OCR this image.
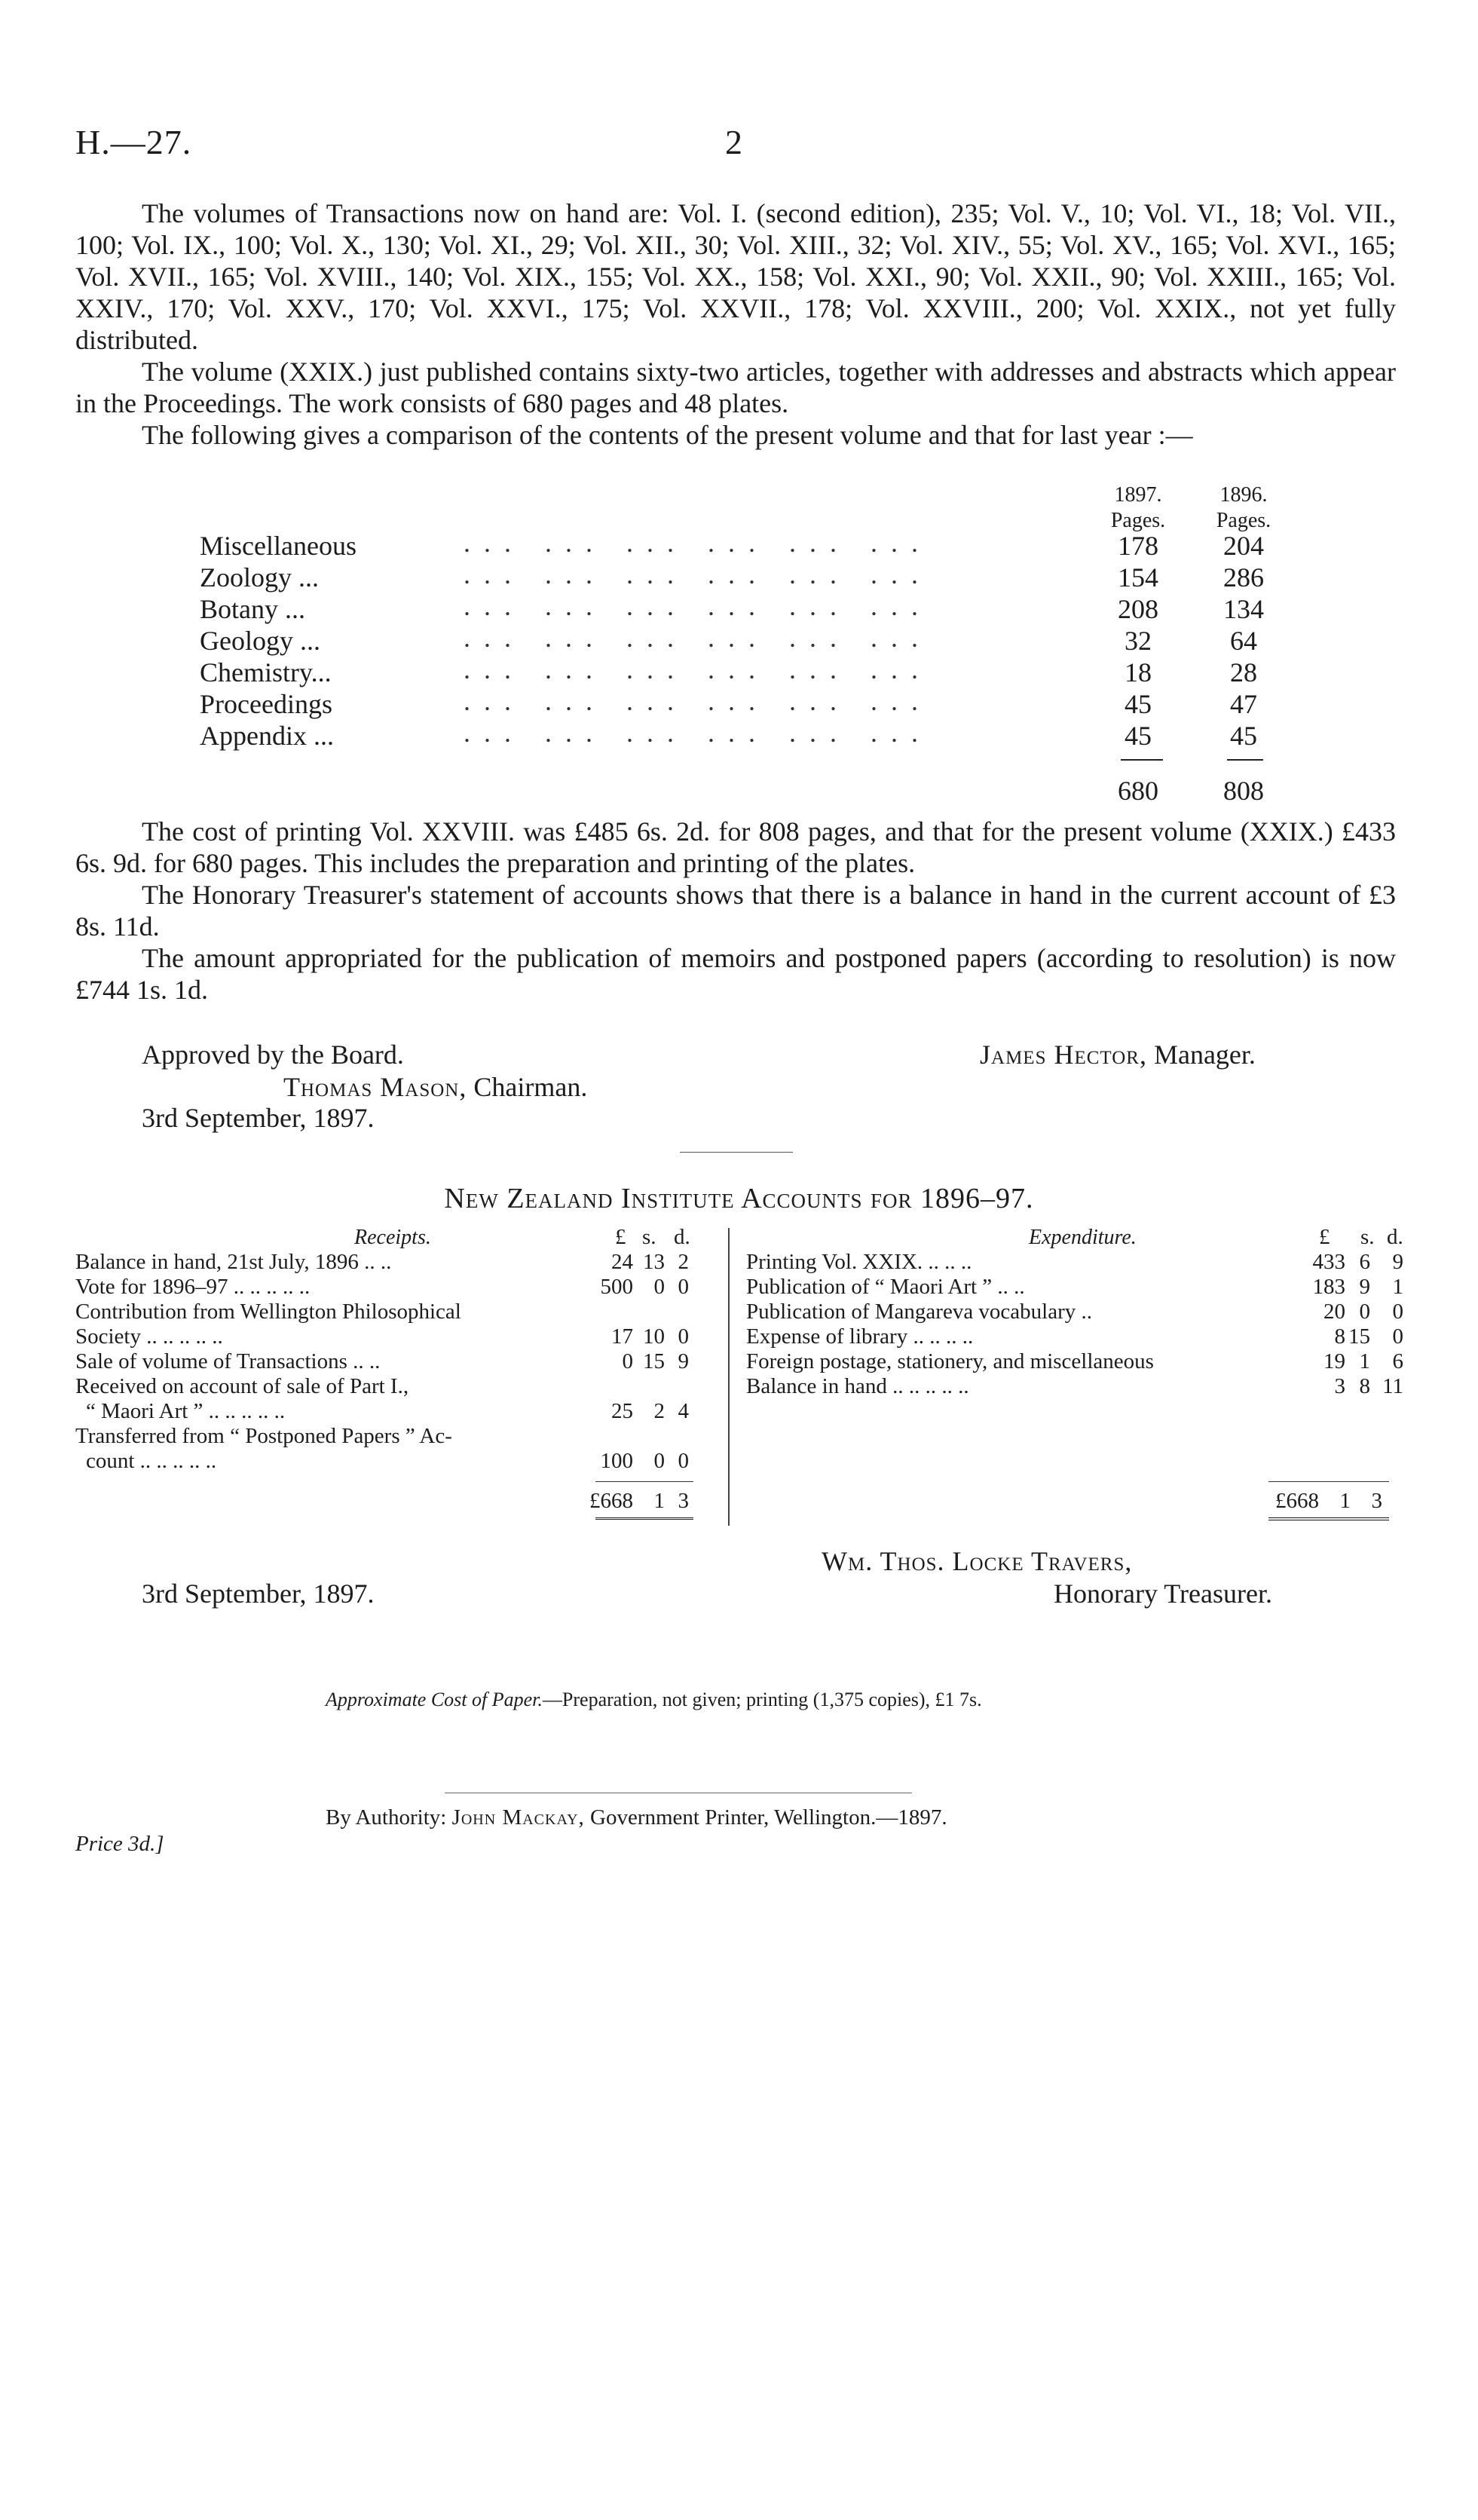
H.—27.	2

The volumes of Transactions now on hand are: Vol. I. (second edition), 235; Vol. V., 10; Vol. VI., 18; Vol. VII., 100; Vol. IX., 100; Vol. X., 130; Vol. XI., 29; Vol. XII., 30; Vol. XIII., 32; Vol. XIV., 55; Vol. XV., 165; Vol. XVI., 165; Vol. XVII., 165; Vol. XVIII., 140; Vol. XIX., 155; Vol. XX., 158; Vol. XXI., 90; Vol. XXII., 90; Vol. XXIII., 165; Vol. XXIV., 170; Vol. XXV., 170; Vol. XXVI., 175; Vol. XXVII., 178; Vol. XXVIII., 200; Vol. XXIX., not yet fully distributed.

The volume (XXIX.) just published contains sixty-two articles, together with addresses and abstracts which appear in the Proceedings. The work consists of 680 pages and 48 plates.

The following gives a comparison of the contents of the present volume and that for last year :—

1897.
Pages.
1896.
Pages.
Miscellaneous	... ... ... ... ... ...	178	204
Zoology ...	... ... ... ... ... ...	154	286
Botany ...	... ... ... ... ... ...	208	134
Geology ...	... ... ... ... ... ...	32	64
Chemistry...	... ... ... ... ... ...	18	28
Proceedings	... ... ... ... ... ...	45	47
Appendix ...	... ... ... ... ... ...	45	45
680	808

The cost of printing Vol. XXVIII. was £485 6s. 2d. for 808 pages, and that for the present volume (XXIX.) £433 6s. 9d. for 680 pages. This includes the preparation and printing of the plates.

The Honorary Treasurer's statement of accounts shows that there is a balance in hand in the current account of £3 8s. 11d.

The amount appropriated for the publication of memoirs and postponed papers (according to resolution) is now £744 1s. 1d.

Approved by the Board.
Thomas Mason, Chairman.
3rd September, 1897.
James Hector, Manager.
New Zealand Institute Accounts for 1896–97.
Receipts.	£ s. d.	Expenditure.	£ s. d.
Balance in hand, 21st July, 1896 .. ..	24 13 2
Vote for 1896–97 .. .. .. .. ..	500 0 0
Contribution from Wellington Philosophical
Society .. .. .. .. ..	17 10 0
Sale of volume of Transactions .. ..	0 15 9
Received on account of sale of Part I.,
“ Maori Art ” .. .. .. .. ..	25 2 4
Transferred from “ Postponed Papers ” Ac-
count .. .. .. .. ..	100 0 0
£668 1 3
Printing Vol. XXIX. .. .. ..	433 6	9
Publication of “ Maori Art ” .. ..	183 9	1
Publication of Mangareva vocabulary ..	20 0	0
Expense of library .. .. .. ..	8 15	0
Foreign postage, stationery, and miscellaneous	19 1	6
Balance in hand .. .. .. .. ..	3 8 11
£668 1 3
Wm. Thos. Locke Travers,
Honorary Treasurer.
3rd September, 1897.
Approximate Cost of Paper.—Preparation, not given; printing (1,375 copies), £1 7s.
By Authority: John Mackay, Government Printer, Wellington.—1897.
Price 3d.]
